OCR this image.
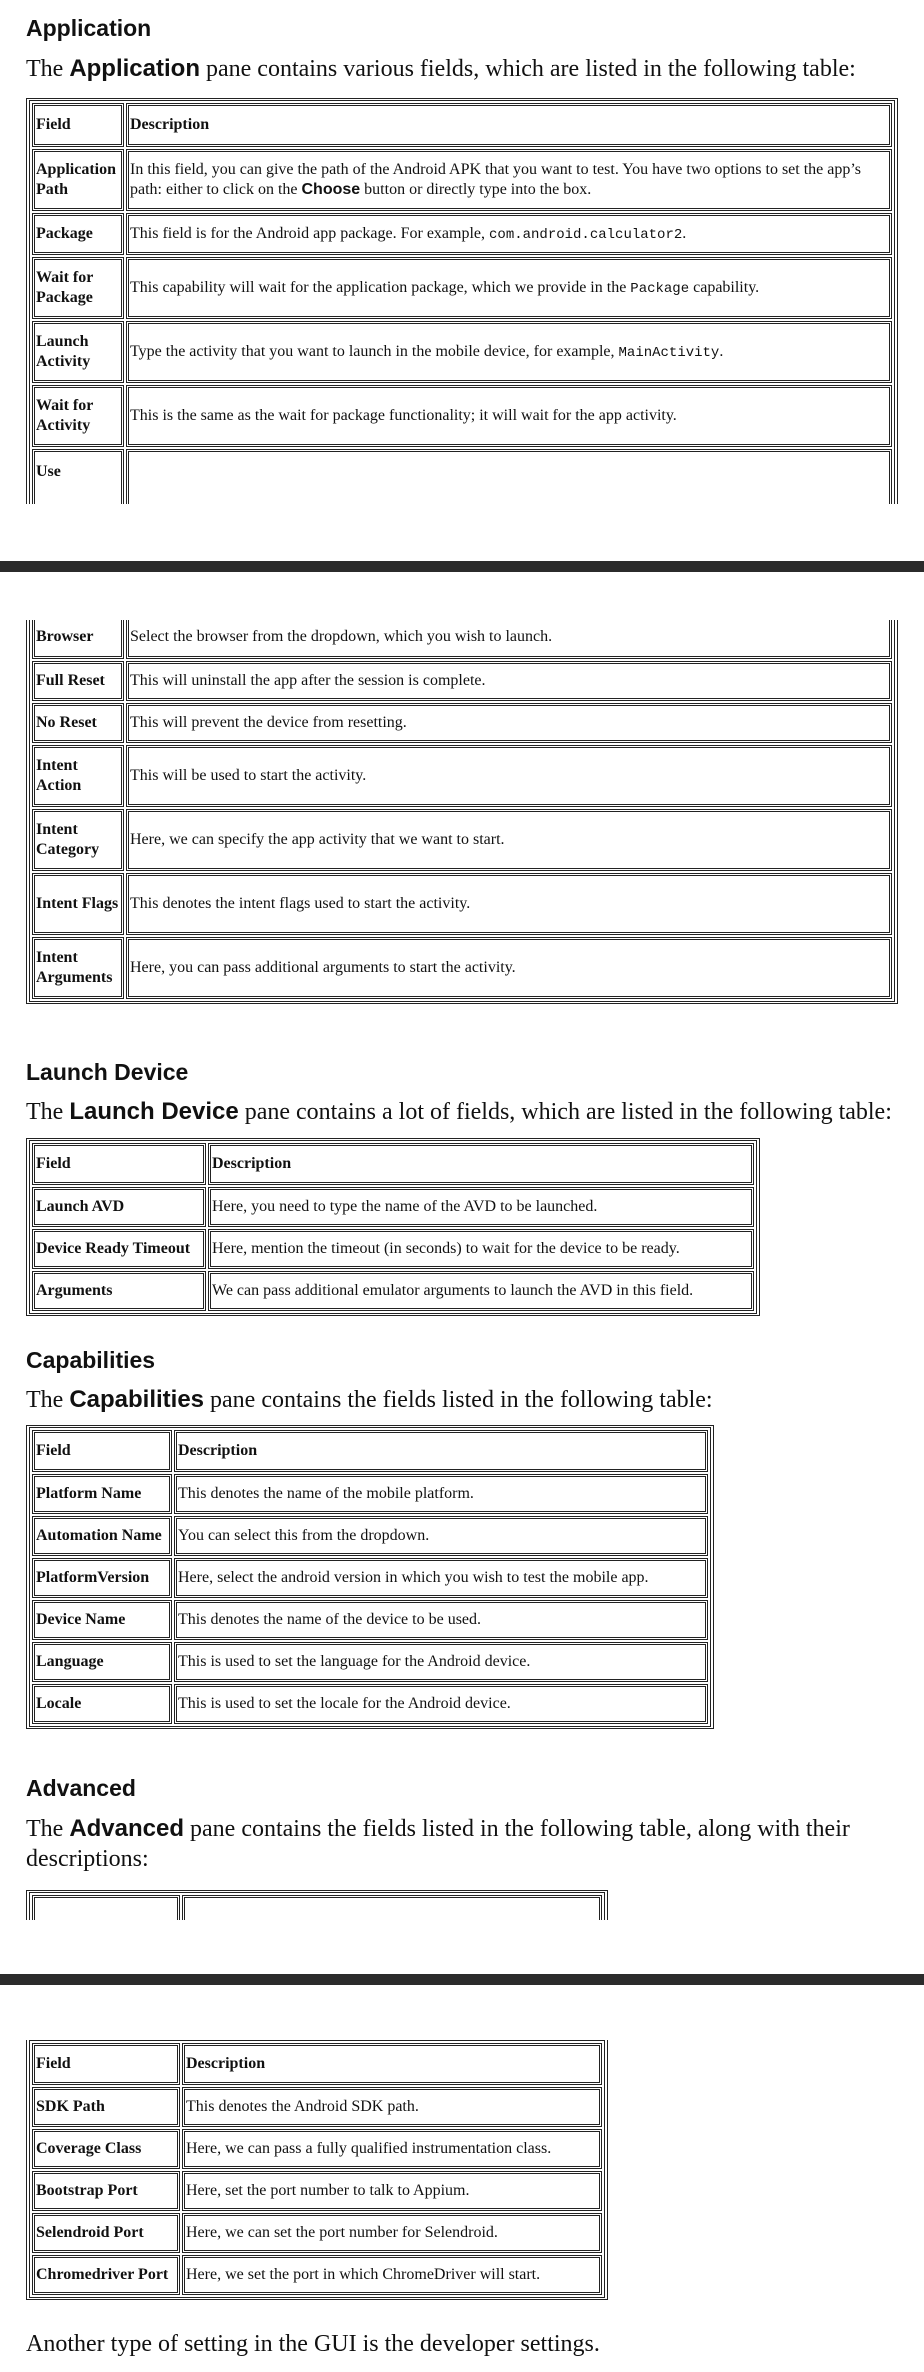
Application

The Application pane contains various fields, which are listed in the following table:

Field	Description
Application Path	In this field, you can give the path of the Android APK that you want to test. You have two options to set the app’s path: either to click on the Choose button or directly type into the box.
Package	This field is for the Android app package. For example, com.android.calculator2.
Wait for Package	This capability will wait for the application package, which we provide in the Package capability.
Launch Activity	Type the activity that you want to launch in the mobile device, for example, MainActivity.
Wait for Activity	This is the same as the wait for package functionality; it will wait for the app activity.
Use	
Browser	Select the browser from the dropdown, which you wish to launch.
Full Reset	This will uninstall the app after the session is complete.
No Reset	This will prevent the device from resetting.
Intent Action	This will be used to start the activity.
Intent Category	Here, we can specify the app activity that we want to start.
Intent Flags	This denotes the intent flags used to start the activity.
Intent Arguments	Here, you can pass additional arguments to start the activity.
Launch Device

The Launch Device pane contains a lot of fields, which are listed in the following table:

Field	Description
Launch AVD	Here, you need to type the name of the AVD to be launched.
Device Ready Timeout	Here, mention the timeout (in seconds) to wait for the device to be ready.
Arguments	We can pass additional emulator arguments to launch the AVD in this field.
Capabilities

The Capabilities pane contains the fields listed in the following table:

Field	Description
Platform Name	This denotes the name of the mobile platform.
Automation Name	You can select this from the dropdown.
PlatformVersion	Here, select the android version in which you wish to test the mobile app.
Device Name	This denotes the name of the device to be used.
Language	This is used to set the language for the Android device.
Locale	This is used to set the locale for the Android device.
Advanced

The Advanced pane contains the fields listed in the following table, along with their descriptions:

Field	Description
SDK Path	This denotes the Android SDK path.
Coverage Class	Here, we can pass a fully qualified instrumentation class.
Bootstrap Port	Here, set the port number to talk to Appium.
Selendroid Port	Here, we can set the port number for Selendroid.
Chromedriver Port	Here, we set the port in which ChromeDriver will start.

Another type of setting in the GUI is the developer settings.
